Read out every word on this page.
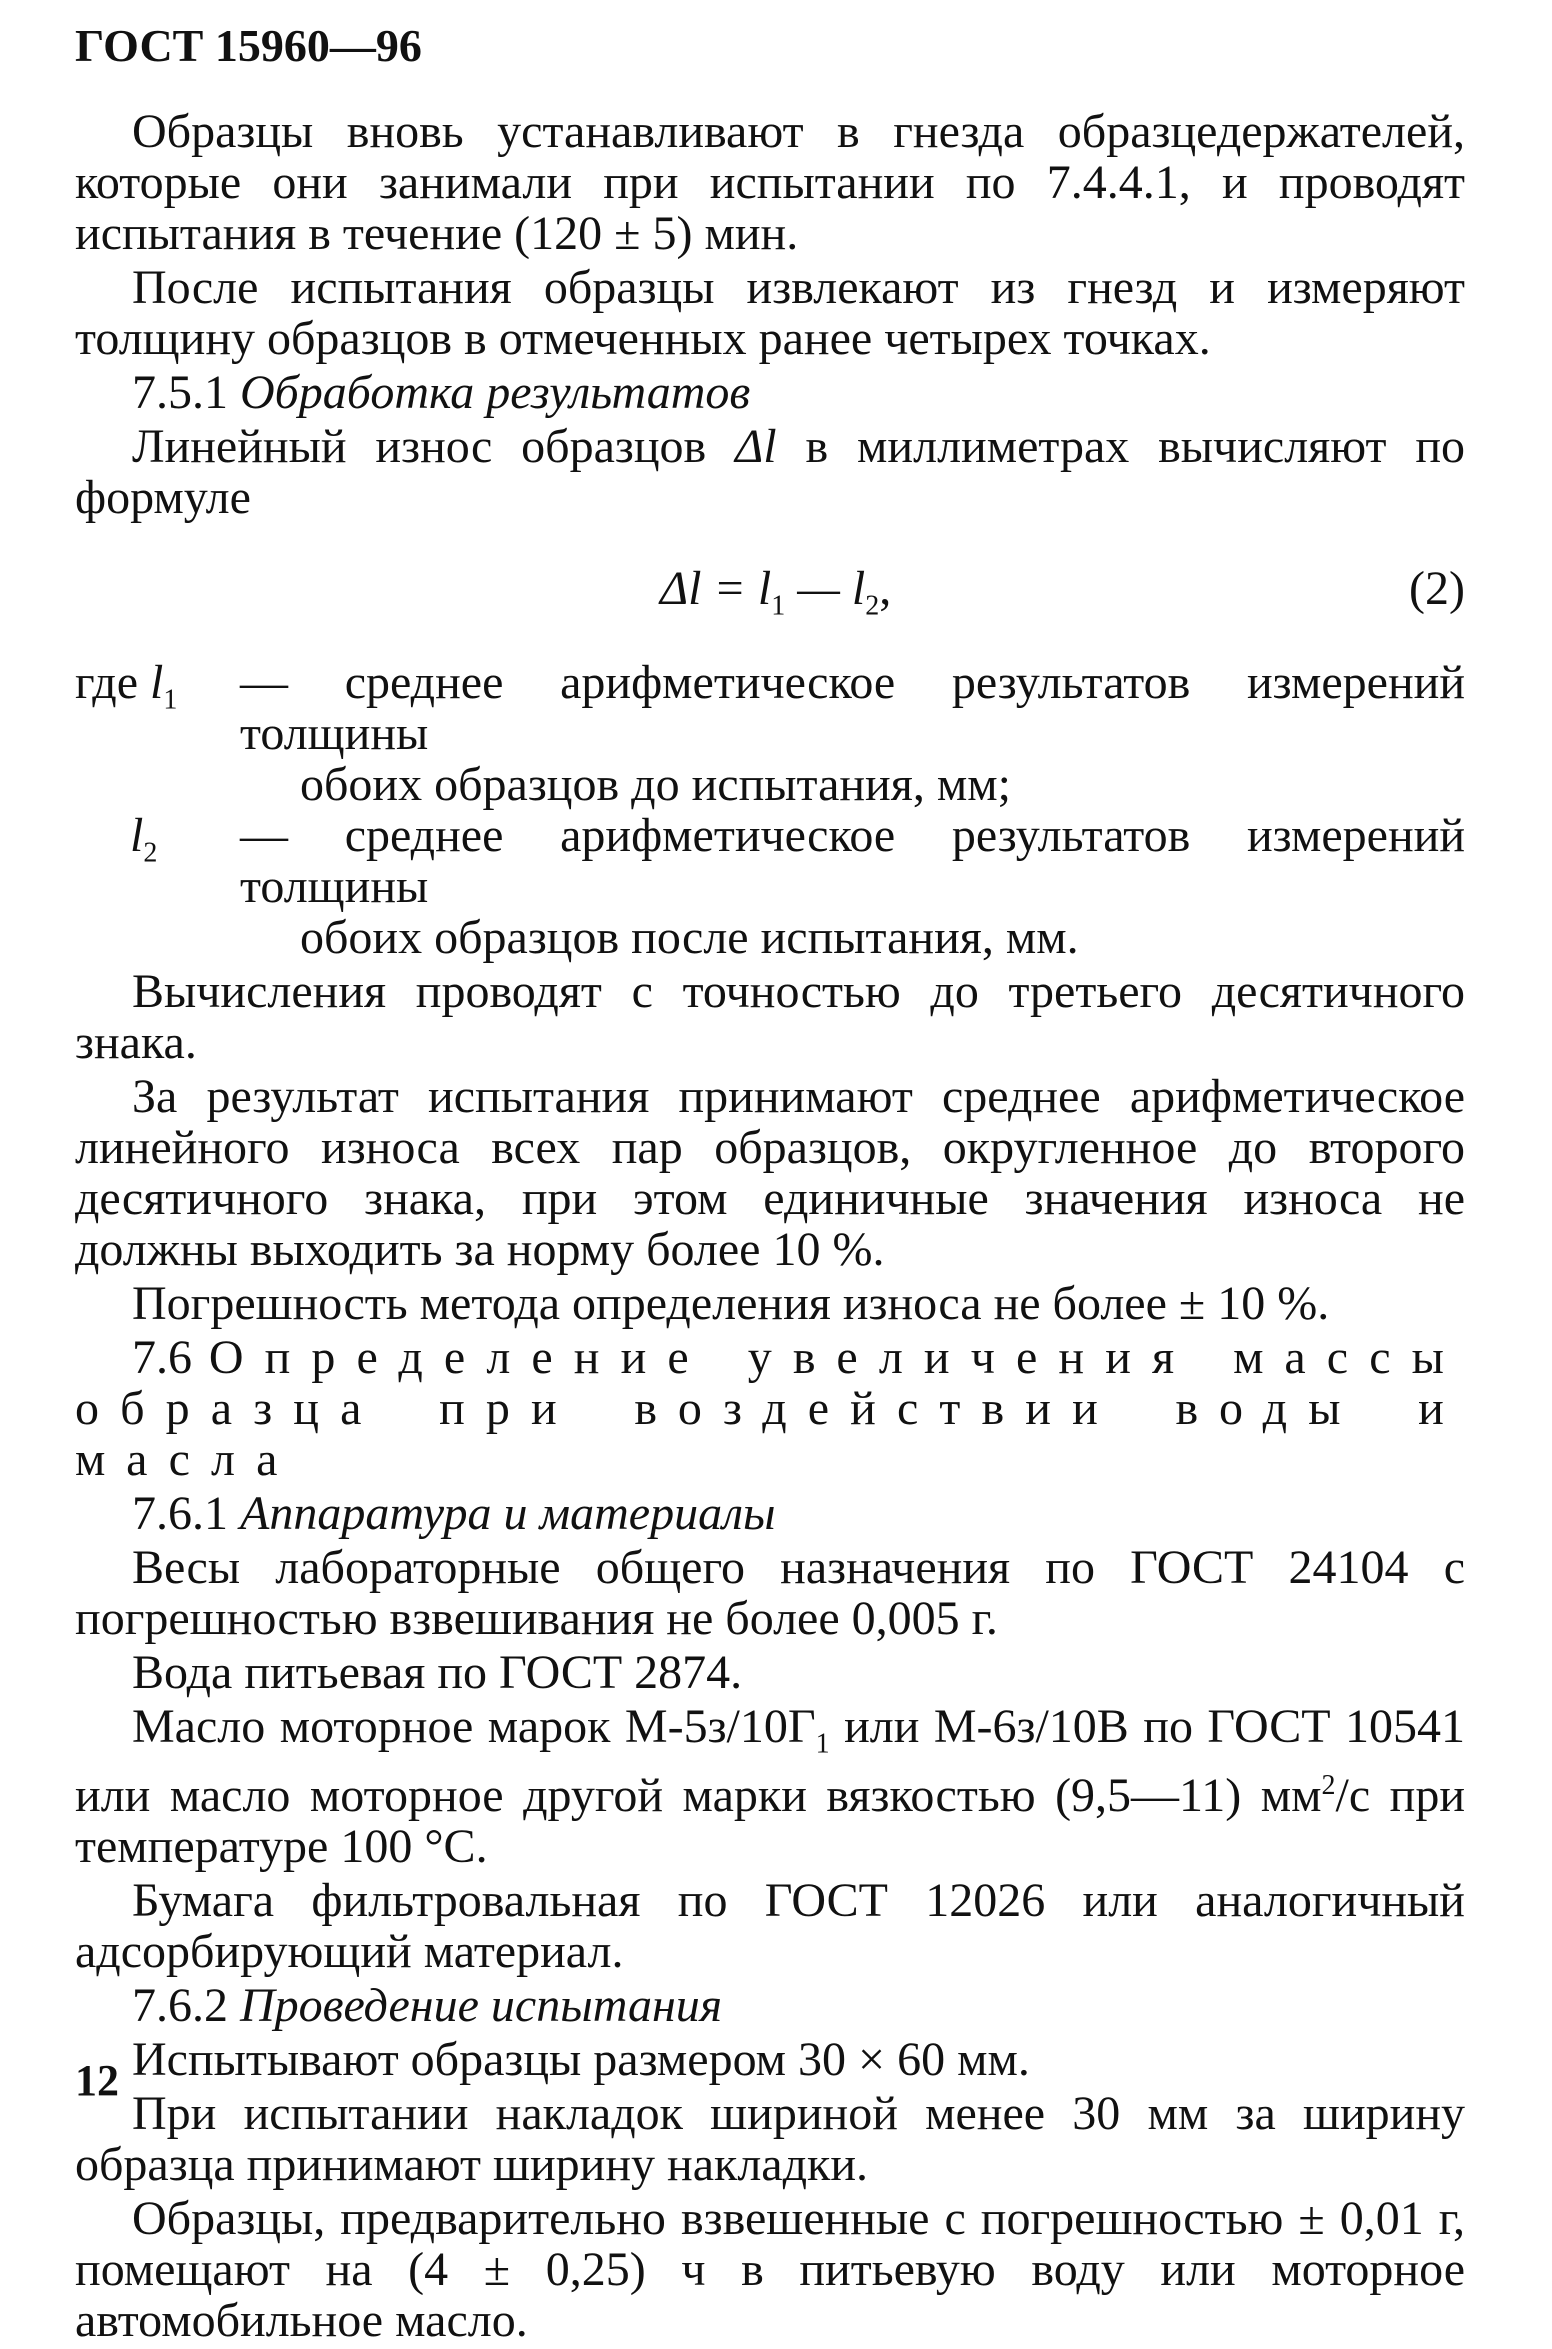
ГОСТ 15960—96

Образцы вновь устанавливают в гнезда образцедержателей, которые они занимали при испытании по 7.4.4.1, и проводят испытания в течение (120 ± 5) мин.

После испытания образцы извлекают из гнезд и измеряют толщину образцов в отмеченных ранее четырех точках.

7.5.1 Обработка результатов

Линейный износ образцов Δl в миллиметрах вычисляют по формуле

$\Delta l = l_1$ — $l_2$,	(2)
где $l_1$	— среднее арифметическое результатов измерений толщины
обоих образцов до испытания, мм;
$l_2$	— среднее арифметическое результатов измерений толщины
обоих образцов после испытания, мм.

Вычисления проводят с точностью до третьего десятичного знака.

За результат испытания принимают среднее арифметическое линейного износа всех пар образцов, округленное до второго десятичного знака, при этом единичные значения износа не должны выходить за норму более 10 %.

Погрешность метода определения износа не более ± 10 %.

7.6 Определение увеличения массы образца при воздействии воды и масла

7.6.1 Аппаратура и материалы

Весы лабораторные общего назначения по ГОСТ 24104 с погрешностью взвешивания не более 0,005 г.

Вода питьевая по ГОСТ 2874.

Масло моторное марок $М-5з/10Г_1$ или М-6з/10В по ГОСТ 10541 или масло моторное другой марки вязкостью (9,5—11) $мм^2/с$ при температуре 100 °С.

Бумага фильтровальная по ГОСТ 12026 или аналогичный адсорбирующий материал.

7.6.2 Проведение испытания

Испытывают образцы размером 30 × 60 мм.

При испытании накладок шириной менее 30 мм за ширину образца принимают ширину накладки.

Образцы, предварительно взвешенные с погрешностью ± 0,01 г, помещают на (4 ± 0,25) ч в питьевую воду или моторное автомобильное масло.

12
